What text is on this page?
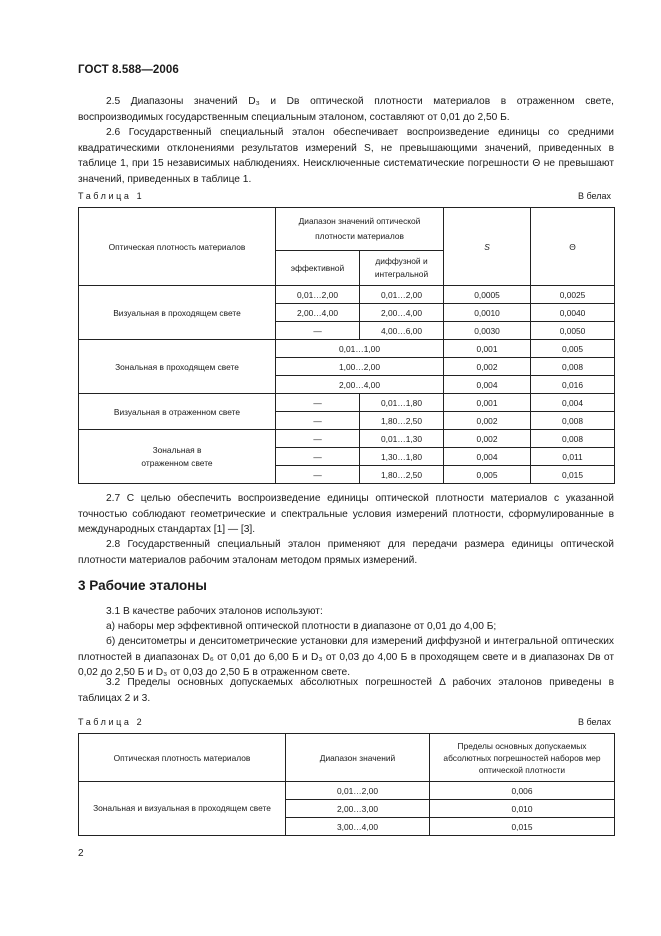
ГОСТ 8.588—2006
2.5 Диапазоны значений D₃ и Dв оптической плотности материалов в отраженном свете, воспроизводимых государственным специальным эталоном, составляют от 0,01 до 2,50 Б.
2.6 Государственный специальный эталон обеспечивает воспроизведение единицы со средними квадратическими отклонениями результатов измерений S, не превышающими значений, приведенных в таблице 1, при 15 независимых наблюдениях. Неисключенные систематические погрешности Θ не превышают значений, приведенных в таблице 1.
Таблица 1	В белах
Оптическая плотность материалов	Диапазон значений оптической плотности материалов		S	Θ
	эффективной	диффузной и интегральной		
Визуальная в проходящем свете	0,01…2,00	0,01…2,00	0,0005	0,0025
	2,00…4,00	2,00…4,00	0,0010	0,0040
	—	4,00…6,00	0,0030	0,0050
Зональная в проходящем свете	0,01…1,00		0,001	0,005
	1,00…2,00		0,002	0,008
	2,00…4,00		0,004	0,016
Визуальная в отраженном свете	—	0,01…1,80	0,001	0,004
	—	1,80…2,50	0,002	0,008
Зональная в отраженном свете	—	0,01…1,30	0,002	0,008
	—	1,30…1,80	0,004	0,011
	—	1,80…2,50	0,005	0,015
2.7 С целью обеспечить воспроизведение единицы оптической плотности материалов с указанной точностью соблюдают геометрические и спектральные условия измерений плотности, сформулированные в международных стандартах [1] — [3].
2.8 Государственный специальный эталон применяют для передачи размера единицы оптической плотности материалов рабочим эталонам методом прямых измерений.
3 Рабочие эталоны
3.1 В качестве рабочих эталонов используют:
а) наборы мер эффективной оптической плотности в диапазоне от 0,01 до 4,00 Б;
б) денситометры и денситометрические установки для измерений диффузной и интегральной оптических плотностей в диапазонах D₆ от 0,01 до 6,00 Б и D₃ от 0,03 до 4,00 Б в проходящем свете и в диапазонах Dв от 0,02 до 2,50 Б и D₃ от 0,03 до 2,50 Б в отраженном свете.
3.2 Пределы основных допускаемых абсолютных погрешностей Δ рабочих эталонов приведены в таблицах 2 и 3.
Таблица 2	В белах
Оптическая плотность материалов	Диапазон значений	Пределы основных допускаемых абсолютных погрешностей наборов мер оптической плотности
Зональная и визуальная в проходящем свете	0,01…2,00	0,006
	2,00…3,00	0,010
	3,00…4,00	0,015
2
